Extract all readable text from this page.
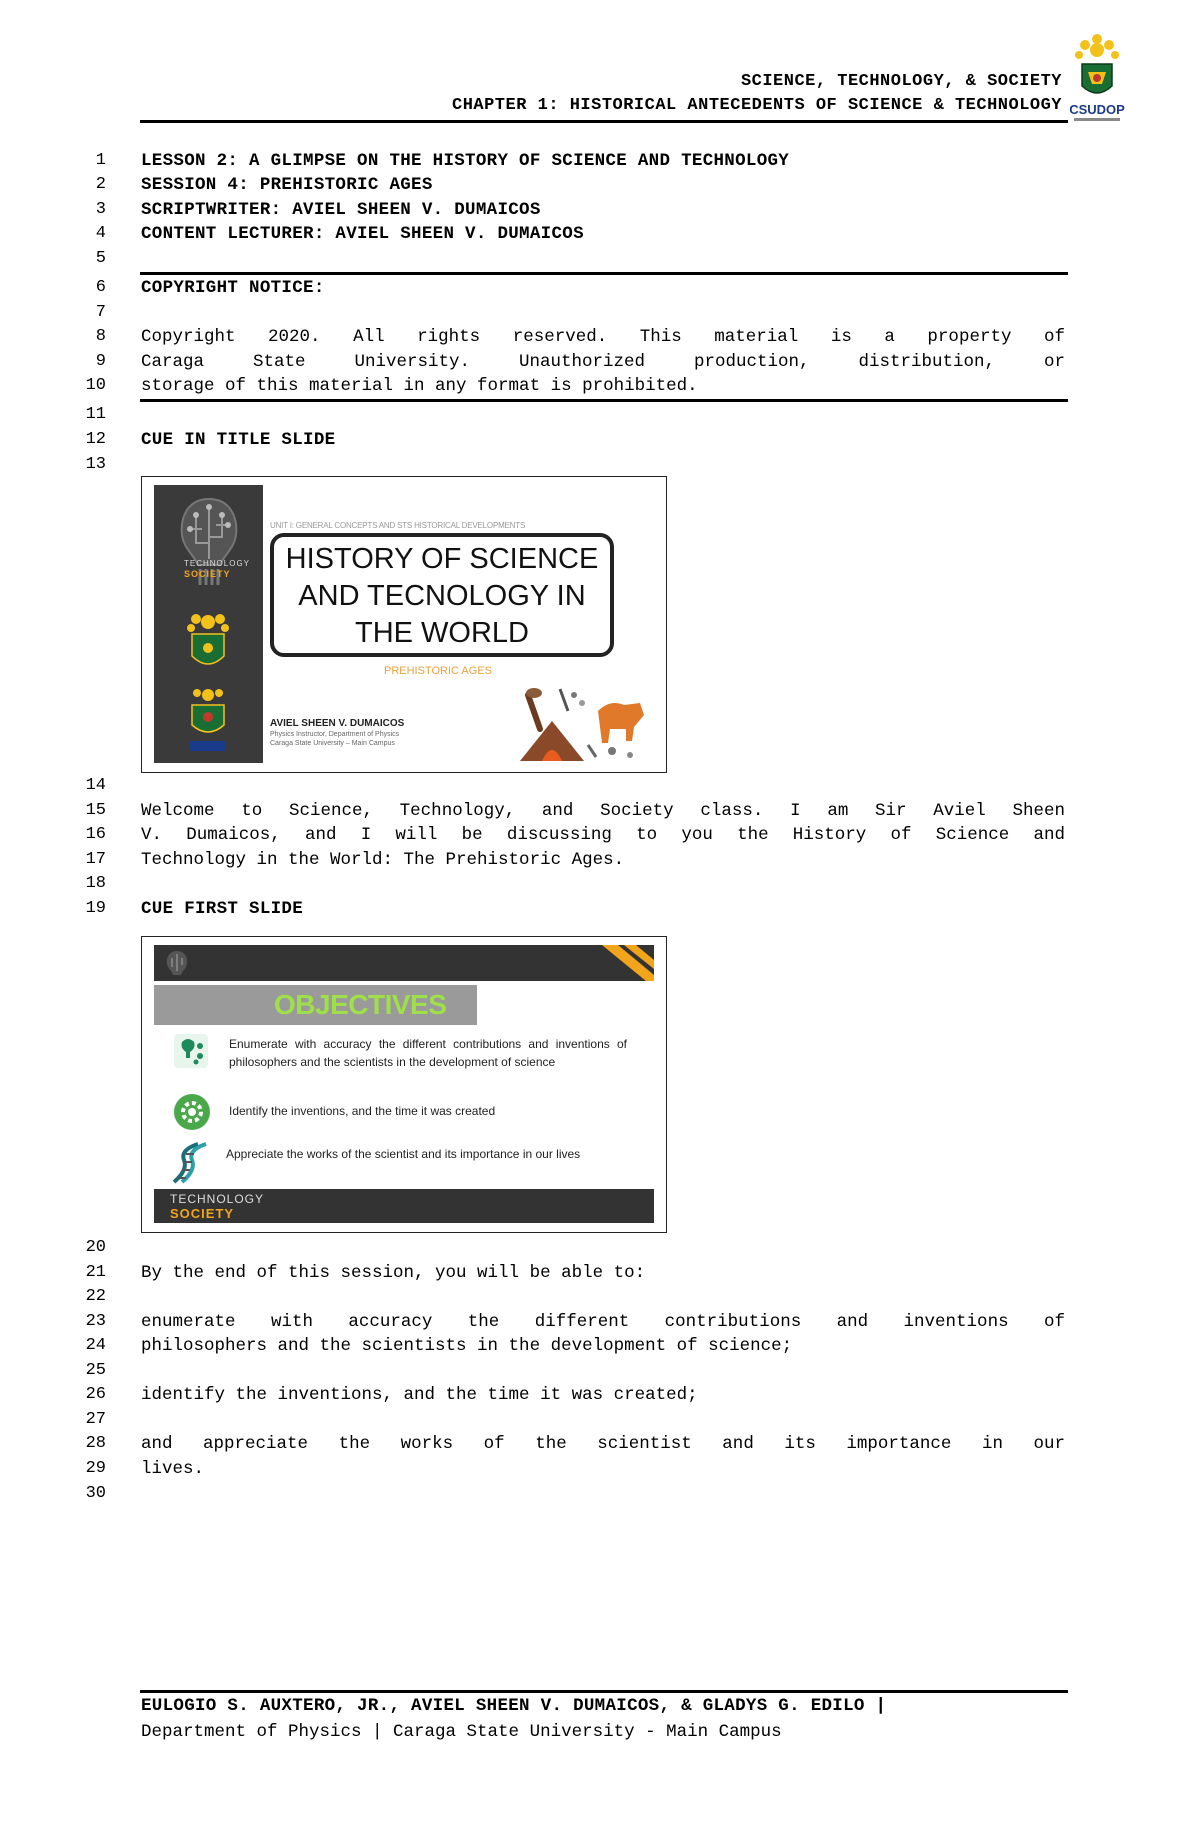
SCIENCE, TECHNOLOGY, & SOCIETY
CHAPTER 1: HISTORICAL ANTECEDENTS OF SCIENCE & TECHNOLOGY CSUDOP
1
2
3
4
5
6
7
8
9
10
11
12
13
14
15
16
17
18
19
20
21
22
23
24
25
26
27
28
29
30
LESSON 2: A GLIMPSE ON THE HISTORY OF SCIENCE AND TECHNOLOGY
SESSION 4: PREHISTORIC AGES
SCRIPTWRITER: AVIEL SHEEN V. DUMAICOS
CONTENT LECTURER: AVIEL SHEEN V. DUMAICOS
COPYRIGHT NOTICE:
Copyright 2020. All rights reserved. This material is a property of
Caraga State University. Unauthorized production, distribution, or
storage of this material in any format is prohibited.
CUE IN TITLE SLIDE
TECHNOLOGY
SOCIETY
UNIT I: GENERAL CONCEPTS AND STS HISTORICAL DEVELOPMENTS
HISTORY OF SCIENCE
AND TECNOLOGY IN
THE WORLD
PREHISTORIC AGES
AVIEL SHEEN V. DUMAICOS
Physics Instructor, Department of Physics
Caraga State University – Main Campus
Welcome to Science, Technology, and Society class. I am Sir Aviel Sheen
V. Dumaicos, and I will be discussing to you the History of Science and
Technology in the World: The Prehistoric Ages.
CUE FIRST SLIDE
OBJECTIVES
Enumerate with accuracy the different contributions and inventions of philosophers and the scientists in the development of science
Identify the inventions, and the time it was created
Appreciate the works of the scientist and its importance in our lives
TECHNOLOGY
SOCIETY
By the end of this session, you will be able to:
enumerate with accuracy the different contributions and inventions of
philosophers and the scientists in the development of science;
identify the inventions, and the time it was created;
and appreciate the works of the scientist and its importance in our
lives.
EULOGIO S. AUXTERO, JR., AVIEL SHEEN V. DUMAICOS, & GLADYS G. EDILO |
Department of Physics | Caraga State University - Main Campus
